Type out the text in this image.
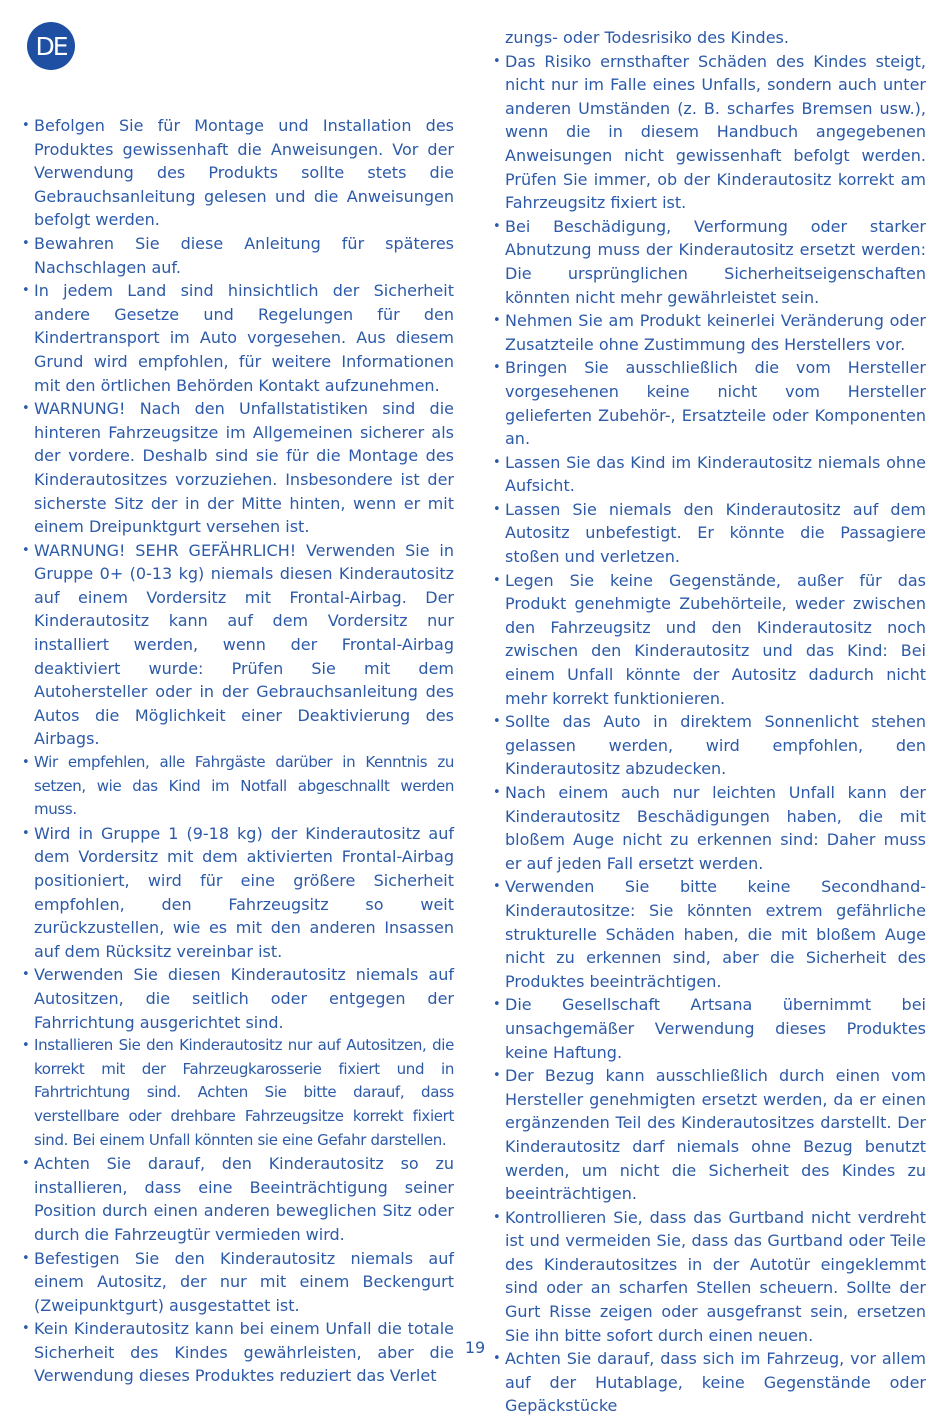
DE
• Befolgen Sie für Montage und Installation des Produktes gewissenhaft die Anweisungen. Vor der Verwendung des Produkts sollte stets die Gebrauchsanleitung gelesen und die Anweisungen befolgt werden.
• Bewahren Sie diese Anleitung für späteres Nachschlagen auf.
• In jedem Land sind hinsichtlich der Sicherheit andere Gesetze und Regelungen für den Kindertransport im Auto vorgesehen. Aus diesem Grund wird empfohlen, für weitere Informationen mit den örtlichen Behörden Kontakt aufzunehmen.
• WARNUNG! Nach den Unfallstatistiken sind die hinteren Fahrzeugsitze im Allgemeinen sicherer als der vordere. Deshalb sind sie für die Montage des Kinderautositzes vorzuziehen. Insbesondere ist der sicherste Sitz der in der Mitte hinten, wenn er mit einem Dreipunktgurt versehen ist.
• WARNUNG! SEHR GEFÄHRLICH! Verwenden Sie in Gruppe 0+ (0-13 kg) niemals diesen Kinderautositz auf einem Vordersitz mit Frontal-Airbag. Der Kinderautositz kann auf dem Vordersitz nur installiert werden, wenn der Frontal-Airbag deaktiviert wurde: Prüfen Sie mit dem Autohersteller oder in der Gebrauchsanleitung des Autos die Möglichkeit einer Deaktivierung des Airbags.
• Wir empfehlen, alle Fahrgäste darüber in Kenntnis zu setzen, wie das Kind im Notfall abgeschnallt werden muss.
• Wird in Gruppe 1 (9-18 kg) der Kinderautositz auf dem Vordersitz mit dem aktivierten Frontal-Airbag positioniert, wird für eine größere Sicherheit empfohlen, den Fahrzeugsitz so weit zurückzustellen, wie es mit den anderen Insassen auf dem Rücksitz vereinbar ist.
• Verwenden Sie diesen Kinderautositz niemals auf Autositzen, die seitlich oder entgegen der Fahrrichtung ausgerichtet sind.
• Installieren Sie den Kinderautositz nur auf Autositzen, die korrekt mit der Fahrzeugkarosserie fixiert und in Fahrtrichtung sind. Achten Sie bitte darauf, dass verstellbare oder drehbare Fahrzeugsitze korrekt fixiert sind. Bei einem Unfall könnten sie eine Gefahr darstellen.
• Achten Sie darauf, den Kinderautositz so zu installieren, dass eine Beeinträchtigung seiner Position durch einen anderen beweglichen Sitz oder durch die Fahrzeugtür vermieden wird.
• Befestigen Sie den Kinderautositz niemals auf einem Autositz, der nur mit einem Beckengurt (Zweipunktgurt) ausgestattet ist.
• Kein Kinderautositz kann bei einem Unfall die totale Sicherheit des Kindes gewährleisten, aber die Verwendung dieses Produktes reduziert das Verlet
zungs- oder Todesrisiko des Kindes.
• Das Risiko ernsthafter Schäden des Kindes steigt, nicht nur im Falle eines Unfalls, sondern auch unter anderen Umständen (z. B. scharfes Bremsen usw.), wenn die in diesem Handbuch angegebenen Anweisungen nicht gewissenhaft befolgt werden. Prüfen Sie immer, ob der Kinderautositz korrekt am Fahrzeugsitz fixiert ist.
• Bei Beschädigung, Verformung oder starker Abnutzung muss der Kinderautositz ersetzt werden: Die ursprünglichen Sicherheitseigenschaften könnten nicht mehr gewährleistet sein.
• Nehmen Sie am Produkt keinerlei Veränderung oder Zusatzteile ohne Zustimmung des Herstellers vor.
• Bringen Sie ausschließlich die vom Hersteller vorgesehenen keine nicht vom Hersteller gelieferten Zubehör-, Ersatzteile oder Komponenten an.
• Lassen Sie das Kind im Kinderautositz niemals ohne Aufsicht.
• Lassen Sie niemals den Kinderautositz auf dem Autositz unbefestigt. Er könnte die Passagiere stoßen und verletzen.
• Legen Sie keine Gegenstände, außer für das Produkt genehmigte Zubehörteile, weder zwischen den Fahrzeugsitz und den Kinderautositz noch zwischen den Kinderautositz und das Kind: Bei einem Unfall könnte der Autositz dadurch nicht mehr korrekt funktionieren.
• Sollte das Auto in direktem Sonnenlicht stehen gelassen werden, wird empfohlen, den Kinderautositz abzudecken.
• Nach einem auch nur leichten Unfall kann der Kinderautositz Beschädigungen haben, die mit bloßem Auge nicht zu erkennen sind: Daher muss er auf jeden Fall ersetzt werden.
• Verwenden Sie bitte keine Secondhand-Kinderautositze: Sie könnten extrem gefährliche strukturelle Schäden haben, die mit bloßem Auge nicht zu erkennen sind, aber die Sicherheit des Produktes beeinträchtigen.
• Die Gesellschaft Artsana übernimmt bei unsachgemäßer Verwendung dieses Produktes keine Haftung.
• Der Bezug kann ausschließlich durch einen vom Hersteller genehmigten ersetzt werden, da er einen ergänzenden Teil des Kinderautositzes darstellt. Der Kinderautositz darf niemals ohne Bezug benutzt werden, um nicht die Sicherheit des Kindes zu beeinträchtigen.
• Kontrollieren Sie, dass das Gurtband nicht verdreht ist und vermeiden Sie, dass das Gurtband oder Teile des Kinderautositzes in der Autotür eingeklemmt sind oder an scharfen Stellen scheuern. Sollte der Gurt Risse zeigen oder ausgefranst sein, ersetzen Sie ihn bitte sofort durch einen neuen.
• Achten Sie darauf, dass sich im Fahrzeug, vor allem auf der Hutablage, keine Gegenstände oder Gepäckstücke
19
